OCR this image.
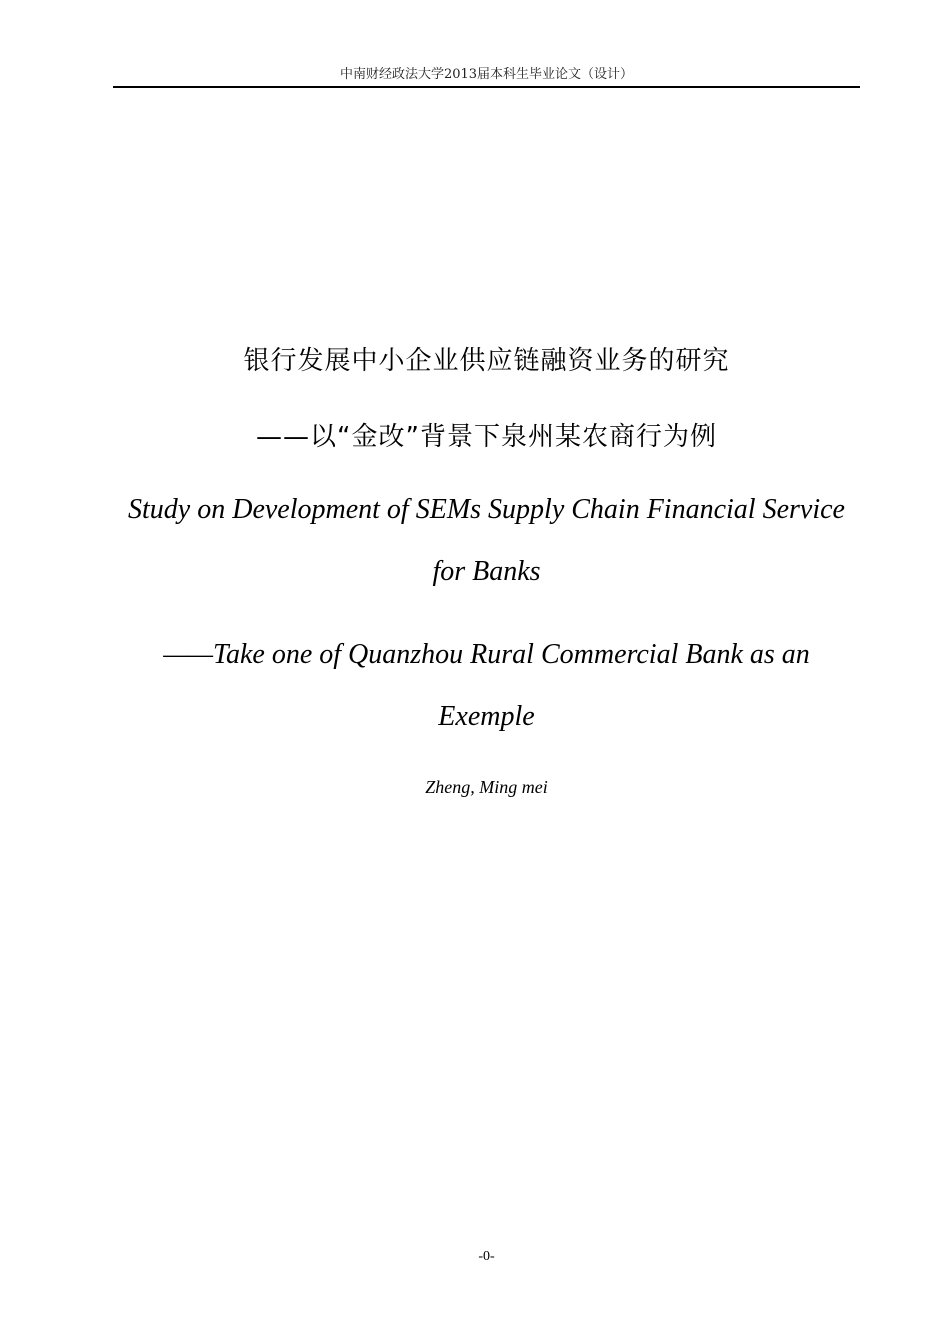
中南财经政法大学2013届本科生毕业论文（设计）
银行发展中小企业供应链融资业务的研究
——以“金改”背景下泉州某农商行为例
Study on Development of SEMs Supply Chain Financial Service
for Banks
——Take one of Quanzhou Rural Commercial Bank as an
Exemple
Zheng, Ming mei
-0-
